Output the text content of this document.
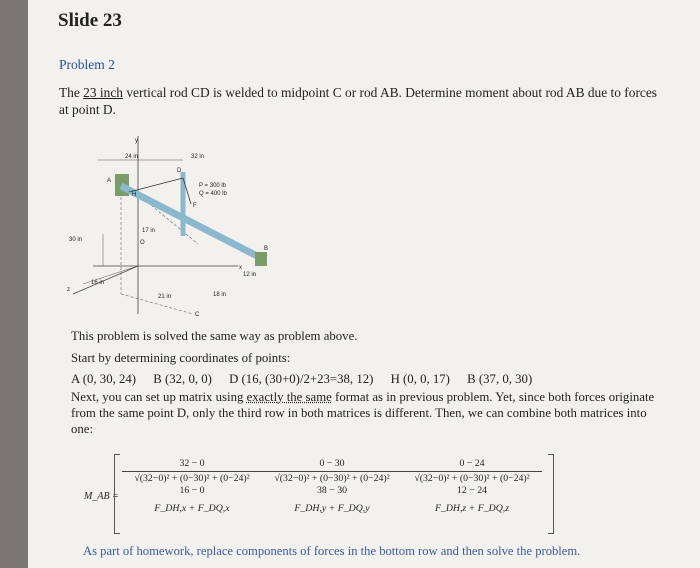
Slide 23
Problem 2
The 23 inch vertical rod CD is welded to midpoint C or rod AB. Determine moment about rod AB due to forces at point D.
y
z
x
A
B
C
D
H
F
O
24 in	32 in
17 in
30 in
16 in
21 in	18 in
12 in
P = 300 lb
Q = 400 lb
This problem is solved the same way as problem above.
Start by determining coordinates of points:
A (0, 30, 24) B (32, 0, 0) D (16, (30+0)/2+23=38, 12) H (0, 0, 17) B (37, 0, 30)
Next, you can set up matrix using exactly the same format as in previous problem. Yet, since both forces originate from the same point D, only the third row in both matrices is different. Then, we can combine both matrices into one:
M_AB =
32 − 0
√(32−0)² + (0−30)² + (0−24)²
16 − 0
F_DH,x + F_DQ,x
0 − 30
√(32−0)² + (0−30)² + (0−24)²
38 − 30
F_DH,y + F_DQ,y
0 − 24
√(32−0)² + (0−30)² + (0−24)²
12 − 24
F_DH,z + F_DQ,z
As part of homework, replace components of forces in the bottom row and then solve the problem.
